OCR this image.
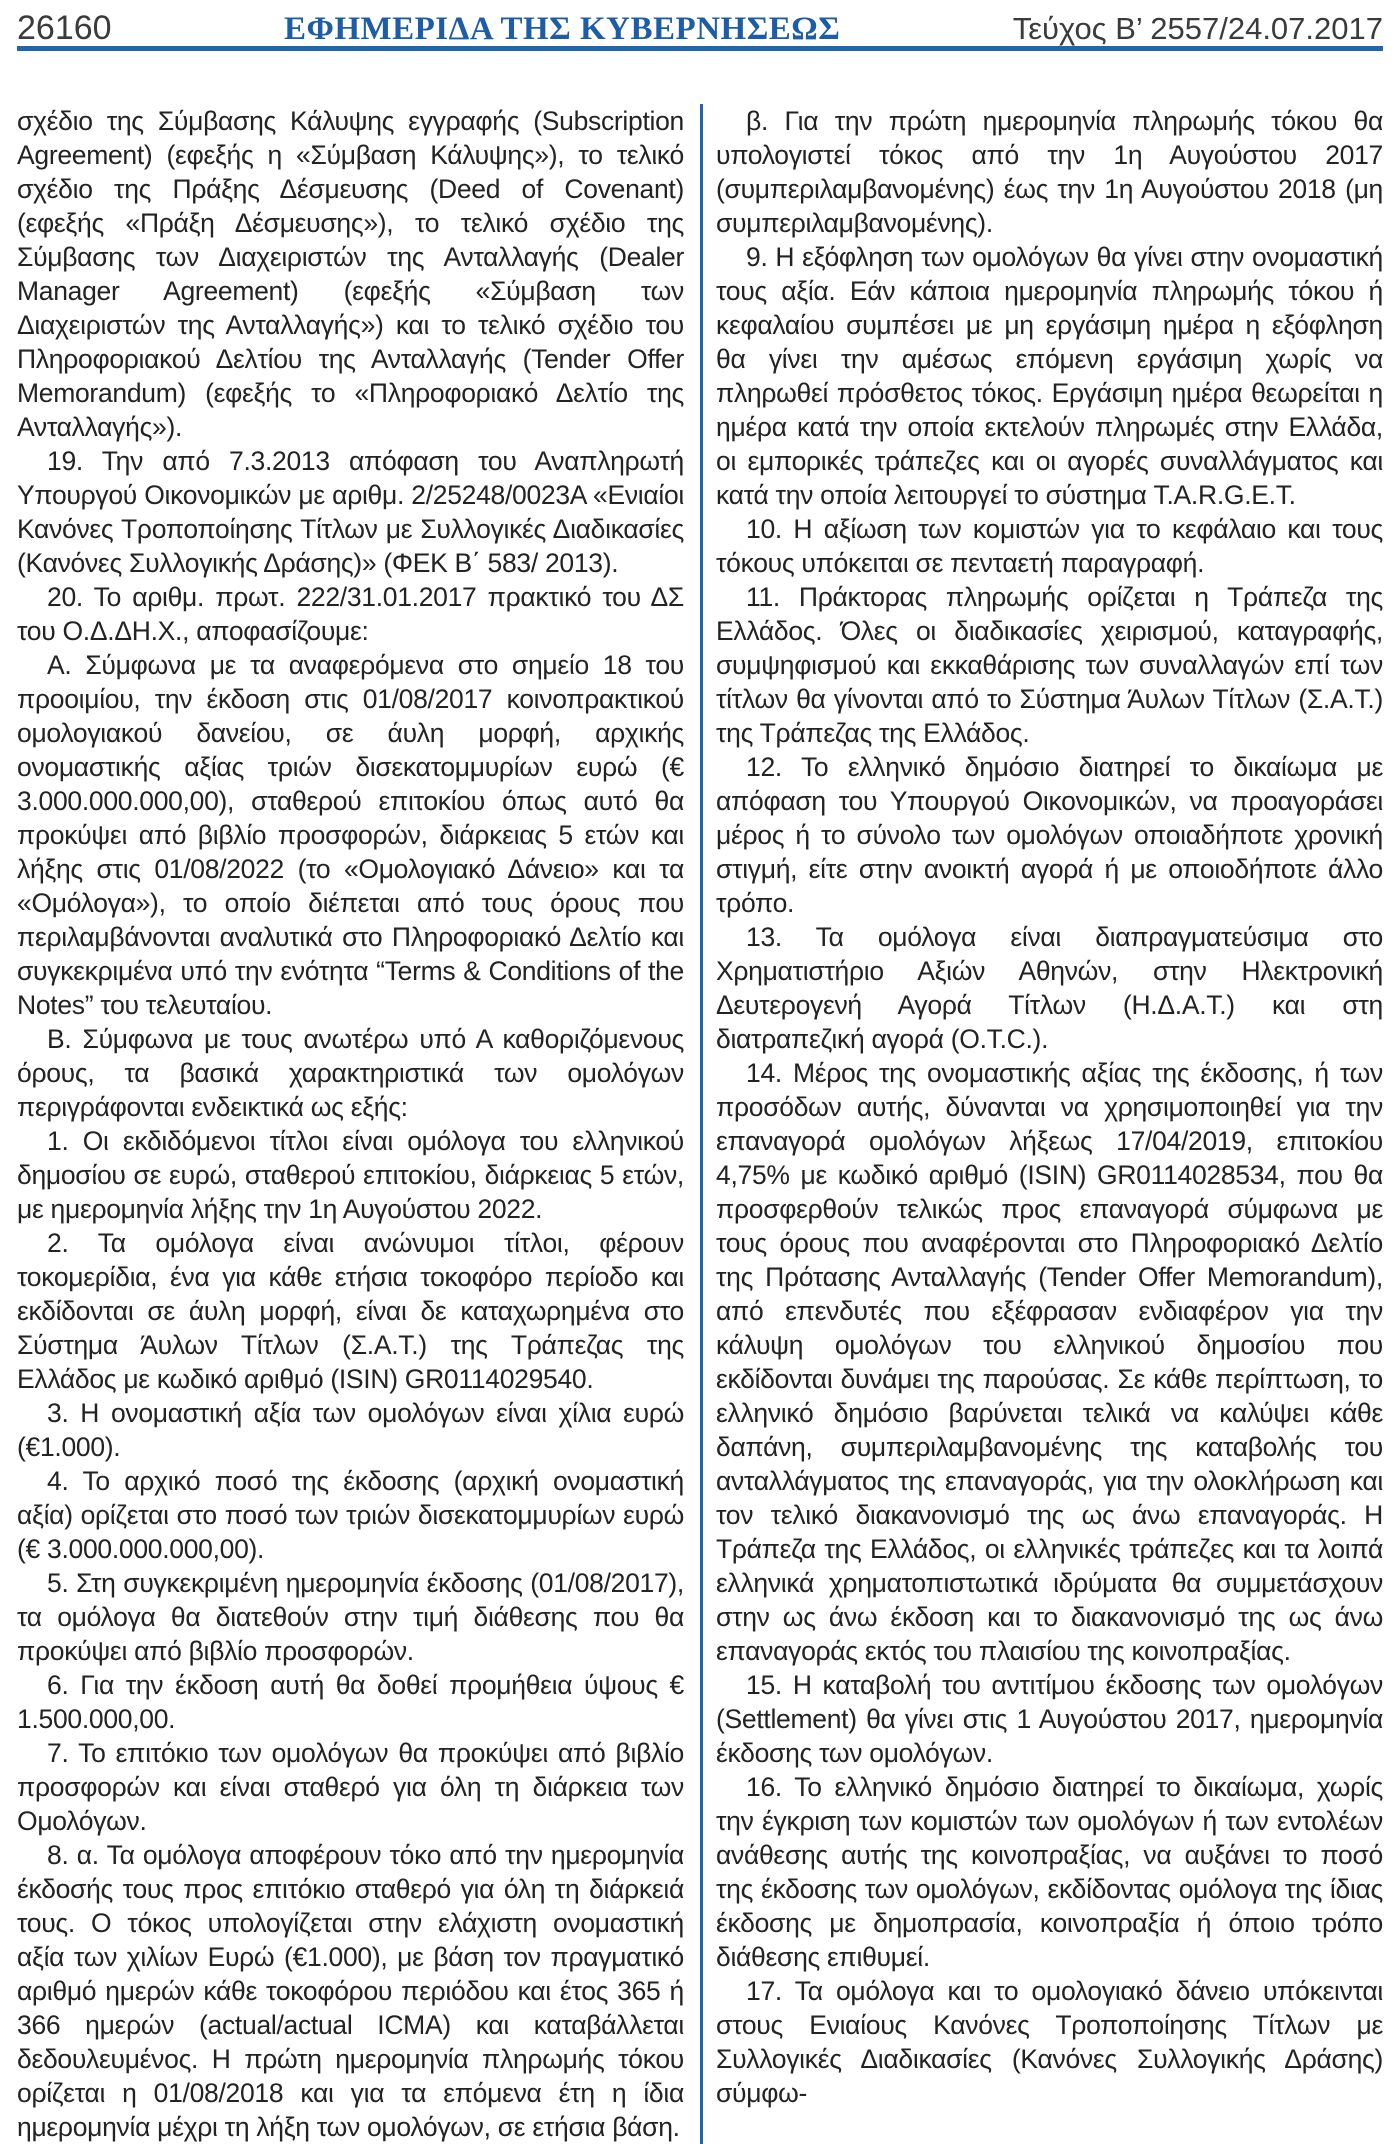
26160	ΕΦΗΜΕΡΙΔΑ ΤΗΣ ΚΥΒΕΡΝΗΣΕΩΣ	Τεύχος Β’ 2557/24.07.2017

σχέδιο της Σύμβασης Κάλυψης εγγραφής (Subscription Agreement) (εφεξής η «Σύμβαση Κάλυψης»), το τελικό σχέδιο της Πράξης Δέσμευσης (Deed of Covenant) (εφεξής «Πράξη Δέσμευσης»), το τελικό σχέδιο της Σύμβασης των Διαχειριστών της Ανταλλαγής (Dealer Manager Agreement) (εφεξής «Σύμβαση των Διαχειριστών της Ανταλλαγής») και το τελικό σχέδιο του Πληροφοριακού Δελτίου της Ανταλλαγής (Tender Offer Memorandum) (εφεξής το «Πληροφοριακό Δελτίο της Ανταλλαγής»).

19. Την από 7.3.2013 απόφαση του Αναπληρωτή Υπουργού Οικονομικών με αριθμ. 2/25248/0023Α «Ενιαίοι Κανόνες Τροποποίησης Τίτλων με Συλλογικές Διαδικασίες (Κανόνες Συλλογικής Δράσης)» (ΦΕΚ Β΄ 583/ 2013).

20. Το αριθμ. πρωτ. 222/31.01.2017 πρακτικό του ΔΣ του Ο.Δ.ΔΗ.Χ., αποφασίζουμε:

Α. Σύμφωνα με τα αναφερόμενα στο σημείο 18 του προοιμίου, την έκδοση στις 01/08/2017 κοινοπρακτικού ομολογιακού δανείου, σε άυλη μορφή, αρχικής ονομαστικής αξίας τριών δισεκατομμυρίων ευρώ (€ 3.000.000.000,00), σταθερού επιτοκίου όπως αυτό θα προκύψει από βιβλίο προσφορών, διάρκειας 5 ετών και λήξης στις 01/08/2022 (το «Ομολογιακό Δάνειο» και τα «Ομόλογα»), το οποίο διέπεται από τους όρους που περιλαμβάνονται αναλυτικά στο Πληροφοριακό Δελτίο και συγκεκριμένα υπό την ενότητα “Terms & Conditions of the Notes” του τελευταίου.

Β. Σύμφωνα με τους ανωτέρω υπό Α καθοριζόμενους όρους, τα βασικά χαρακτηριστικά των ομολόγων περιγράφονται ενδεικτικά ως εξής:

1. Οι εκδιδόμενοι τίτλοι είναι ομόλογα του ελληνικού δημοσίου σε ευρώ, σταθερού επιτοκίου, διάρκειας 5 ετών, με ημερομηνία λήξης την 1η Αυγούστου 2022.

2. Τα ομόλογα είναι ανώνυμοι τίτλοι, φέρουν τοκομερίδια, ένα για κάθε ετήσια τοκοφόρο περίοδο και εκδίδονται σε άυλη μορφή, είναι δε καταχωρημένα στο Σύστημα Άυλων Τίτλων (Σ.Α.Τ.) της Τράπεζας της Ελλάδος με κωδικό αριθμό (ISIN) GR0114029540.

3. Η ονομαστική αξία των ομολόγων είναι χίλια ευρώ (€1.000).

4. Το αρχικό ποσό της έκδοσης (αρχική ονομαστική αξία) ορίζεται στο ποσό των τριών δισεκατομμυρίων ευρώ (€ 3.000.000.000,00).

5. Στη συγκεκριμένη ημερομηνία έκδοσης (01/08/2017), τα ομόλογα θα διατεθούν στην τιμή διάθεσης που θα προκύψει από βιβλίο προσφορών.

6. Για την έκδοση αυτή θα δοθεί προμήθεια ύψους € 1.500.000,00.

7. Το επιτόκιο των ομολόγων θα προκύψει από βιβλίο προσφορών και είναι σταθερό για όλη τη διάρκεια των Ομολόγων.

8. α. Τα ομόλογα αποφέρουν τόκο από την ημερομηνία έκδοσής τους προς επιτόκιο σταθερό για όλη τη διάρκειά τους. Ο τόκος υπολογίζεται στην ελάχιστη ονομαστική αξία των χιλίων Ευρώ (€1.000), με βάση τον πραγματικό αριθμό ημερών κάθε τοκοφόρου περιόδου και έτος 365 ή 366 ημερών (actual/actual ICMA) και καταβάλλεται δεδουλευμένος. Η πρώτη ημερομηνία πληρωμής τόκου ορίζεται η 01/08/2018 και για τα επόμενα έτη η ίδια ημερομηνία μέχρι τη λήξη των ομολόγων, σε ετήσια βάση.

β. Για την πρώτη ημερομηνία πληρωμής τόκου θα υπολογιστεί τόκος από την 1η Αυγούστου 2017 (συμπεριλαμβανομένης) έως την 1η Αυγούστου 2018 (μη συμπεριλαμβανομένης).

9. Η εξόφληση των ομολόγων θα γίνει στην ονομαστική τους αξία. Εάν κάποια ημερομηνία πληρωμής τόκου ή κεφαλαίου συμπέσει με μη εργάσιμη ημέρα η εξόφληση θα γίνει την αμέσως επόμενη εργάσιμη χωρίς να πληρωθεί πρόσθετος τόκος. Εργάσιμη ημέρα θεωρείται η ημέρα κατά την οποία εκτελούν πληρωμές στην Ελλάδα, οι εμπορικές τράπεζες και οι αγορές συναλλάγματος και κατά την οποία λειτουργεί το σύστημα T.A.R.G.E.T.

10. Η αξίωση των κομιστών για το κεφάλαιο και τους τόκους υπόκειται σε πενταετή παραγραφή.

11. Πράκτορας πληρωμής ορίζεται η Τράπεζα της Ελλάδος. Όλες οι διαδικασίες χειρισμού, καταγραφής, συμψηφισμού και εκκαθάρισης των συναλλαγών επί των τίτλων θα γίνονται από το Σύστημα Άυλων Τίτλων (Σ.Α.Τ.) της Τράπεζας της Ελλάδος.

12. Το ελληνικό δημόσιο διατηρεί το δικαίωμα με απόφαση του Υπουργού Οικονομικών, να προαγοράσει μέρος ή το σύνολο των ομολόγων οποιαδήποτε χρονική στιγμή, είτε στην ανοικτή αγορά ή με οποιοδήποτε άλλο τρόπο.

13. Τα ομόλογα είναι διαπραγματεύσιμα στο Χρηματιστήριο Αξιών Αθηνών, στην Ηλεκτρονική Δευτερογενή Αγορά Τίτλων (Η.Δ.Α.Τ.) και στη διατραπεζική αγορά (O.T.C.).

14. Μέρος της ονομαστικής αξίας της έκδοσης, ή των προσόδων αυτής, δύνανται να χρησιμοποιηθεί για την επαναγορά ομολόγων λήξεως 17/04/2019, επιτοκίου 4,75% με κωδικό αριθμό (ISIN) GR0114028534, που θα προσφερθούν τελικώς προς επαναγορά σύμφωνα με τους όρους που αναφέρονται στο Πληροφοριακό Δελτίο της Πρότασης Ανταλλαγής (Tender Offer Memorandum), από επενδυτές που εξέφρασαν ενδιαφέρον για την κάλυψη ομολόγων του ελληνικού δημοσίου που εκδίδονται δυνάμει της παρούσας. Σε κάθε περίπτωση, το ελληνικό δημόσιο βαρύνεται τελικά να καλύψει κάθε δαπάνη, συμπεριλαμβανομένης της καταβολής του ανταλλάγματος της επαναγοράς, για την ολοκλήρωση και τον τελικό διακανονισμό της ως άνω επαναγοράς. Η Τράπεζα της Ελλάδος, οι ελληνικές τράπεζες και τα λοιπά ελληνικά χρηματοπιστωτικά ιδρύματα θα συμμετάσχουν στην ως άνω έκδοση και το διακανονισμό της ως άνω επαναγοράς εκτός του πλαισίου της κοινοπραξίας.

15. Η καταβολή του αντιτίμου έκδοσης των ομολόγων (Settlement) θα γίνει στις 1 Αυγούστου 2017, ημερομηνία έκδοσης των ομολόγων.

16. Το ελληνικό δημόσιο διατηρεί το δικαίωμα, χωρίς την έγκριση των κομιστών των ομολόγων ή των εντολέων ανάθεσης αυτής της κοινοπραξίας, να αυξάνει το ποσό της έκδοσης των ομολόγων, εκδίδοντας ομόλογα της ίδιας έκδοσης με δημοπρασία, κοινοπραξία ή όποιο τρόπο διάθεσης επιθυμεί.

17. Τα ομόλογα και το ομολογιακό δάνειο υπόκεινται στους Ενιαίους Κανόνες Τροποποίησης Τίτλων με Συλλογικές Διαδικασίες (Κανόνες Συλλογικής Δράσης) σύμφω-
